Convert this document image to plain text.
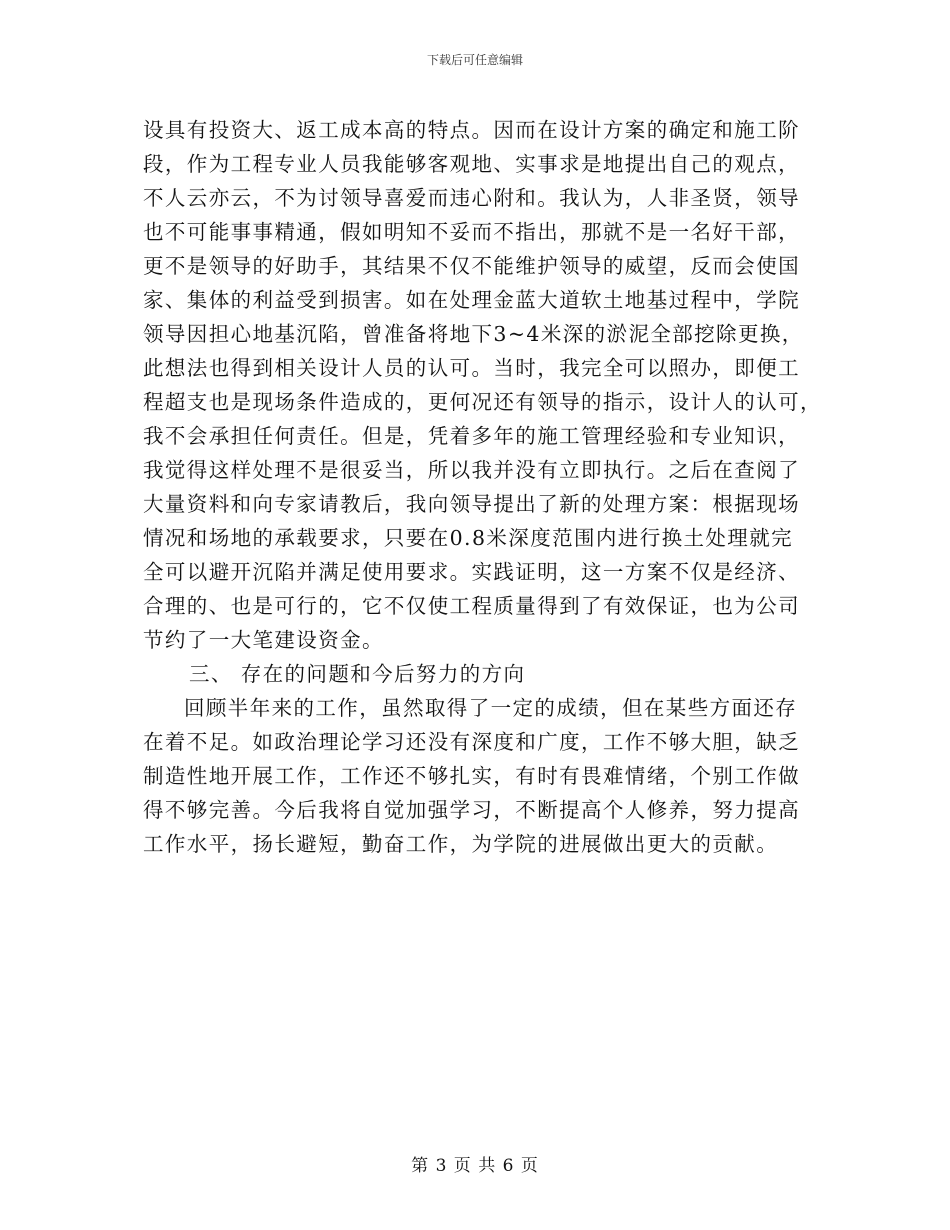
下载后可任意编辑
设具有投资大、返工成本高的特点。因而在设计方案的确定和施工阶
段，作为工程专业人员我能够客观地、实事求是地提出自己的观点，
不人云亦云，不为讨领导喜爱而违心附和。我认为，人非圣贤，领导
也不可能事事精通，假如明知不妥而不指出，那就不是一名好干部，
更不是领导的好助手，其结果不仅不能维护领导的威望，反而会使国
家、集体的利益受到损害。如在处理金蓝大道软土地基过程中，学院
领导因担心地基沉陷，曾准备将地下3~4米深的淤泥全部挖除更换，
此想法也得到相关设计人员的认可。当时，我完全可以照办，即便工
程超支也是现场条件造成的，更何况还有领导的指示，设计人的认可，
我不会承担任何责任。但是，凭着多年的施工管理经验和专业知识，
我觉得这样处理不是很妥当，所以我并没有立即执行。之后在查阅了
大量资料和向专家请教后，我向领导提出了新的处理方案：根据现场
情况和场地的承载要求，只要在0.8米深度范围内进行换土处理就完
全可以避开沉陷并满足使用要求。实践证明，这一方案不仅是经济、
合理的、也是可行的，它不仅使工程质量得到了有效保证，也为公司
节约了一大笔建设资金。
三、 存在的问题和今后努力的方向
回顾半年来的工作，虽然取得了一定的成绩，但在某些方面还存
在着不足。如政治理论学习还没有深度和广度，工作不够大胆，缺乏
制造性地开展工作，工作还不够扎实，有时有畏难情绪，个别工作做
得不够完善。今后我将自觉加强学习，不断提高个人修养，努力提高
工作水平，扬长避短，勤奋工作，为学院的进展做出更大的贡献。
第 3 页 共 6 页
